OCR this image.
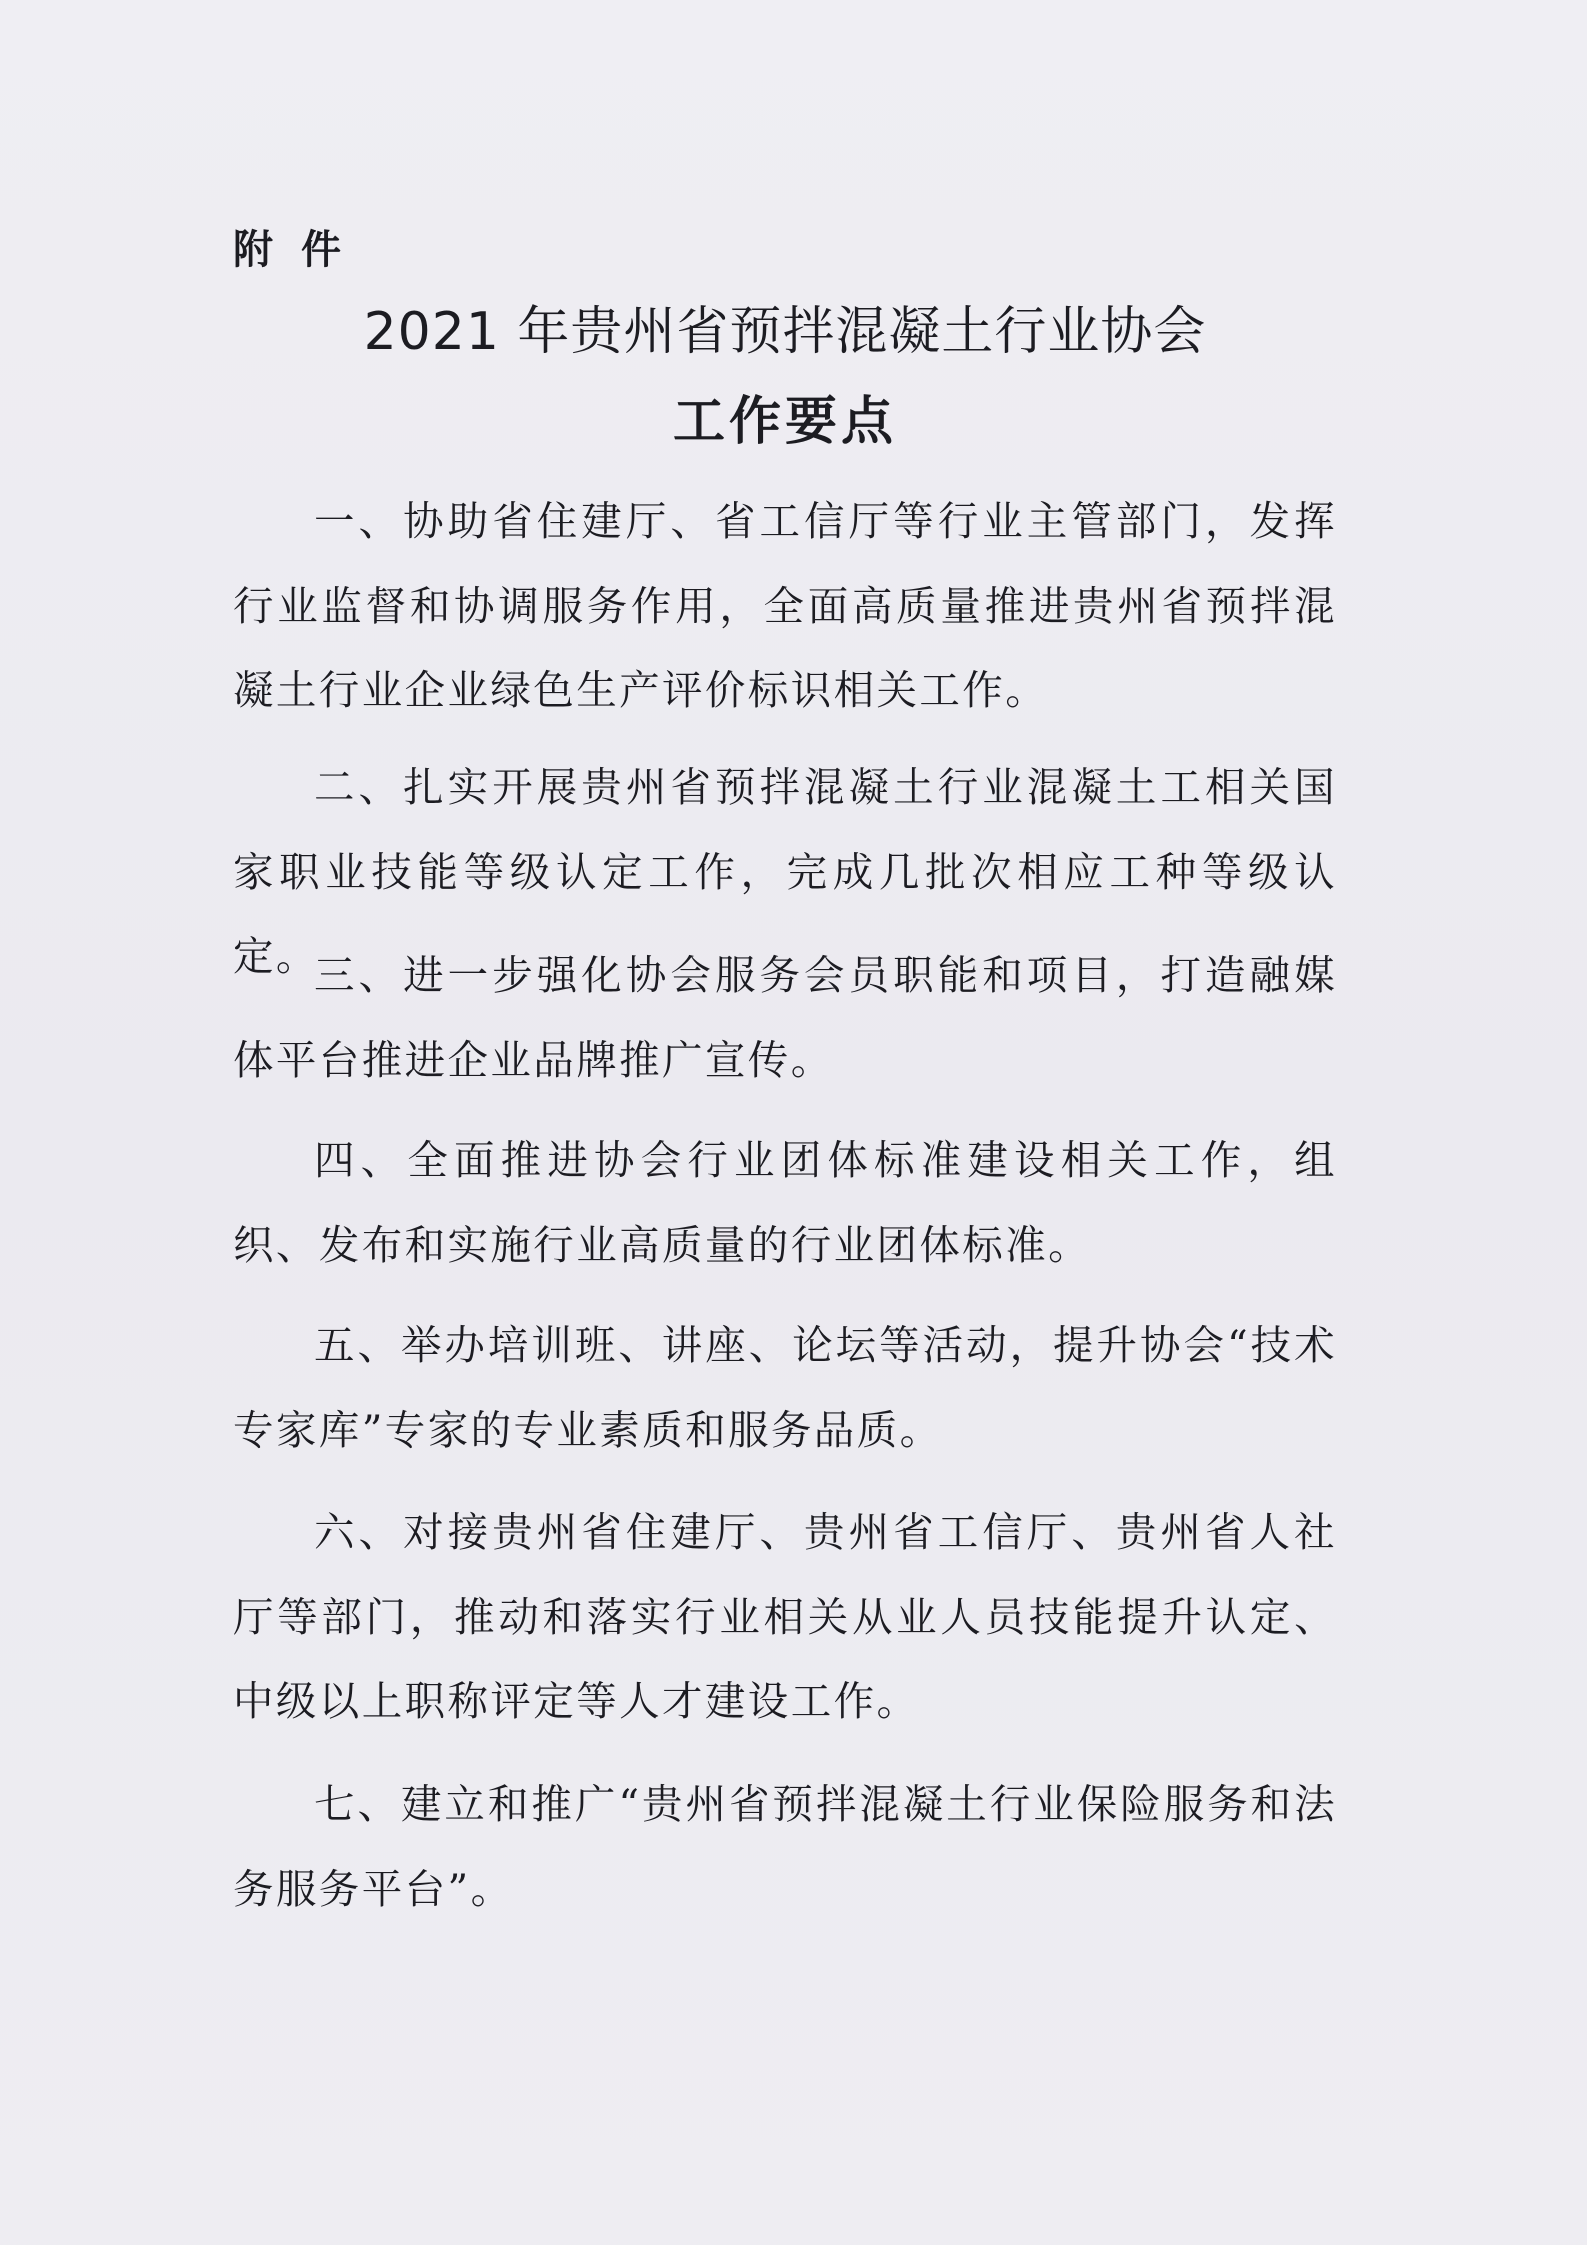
附件
2021 年贵州省预拌混凝土行业协会
工作要点

一、协助省住建厅、省工信厅等行业主管部门，发挥行业监督和协调服务作用，全面高质量推进贵州省预拌混凝土行业企业绿色生产评价标识相关工作。

二、扎实开展贵州省预拌混凝土行业混凝土工相关国家职业技能等级认定工作，完成几批次相应工种等级认定。

三、进一步强化协会服务会员职能和项目，打造融媒体平台推进企业品牌推广宣传。

四、全面推进协会行业团体标准建设相关工作，组织、发布和实施行业高质量的行业团体标准。

五、举办培训班、讲座、论坛等活动，提升协会“技术专家库”专家的专业素质和服务品质。

六、对接贵州省住建厅、贵州省工信厅、贵州省人社厅等部门，推动和落实行业相关从业人员技能提升认定、中级以上职称评定等人才建设工作。

七、建立和推广“贵州省预拌混凝土行业保险服务和法务服务平台”。
